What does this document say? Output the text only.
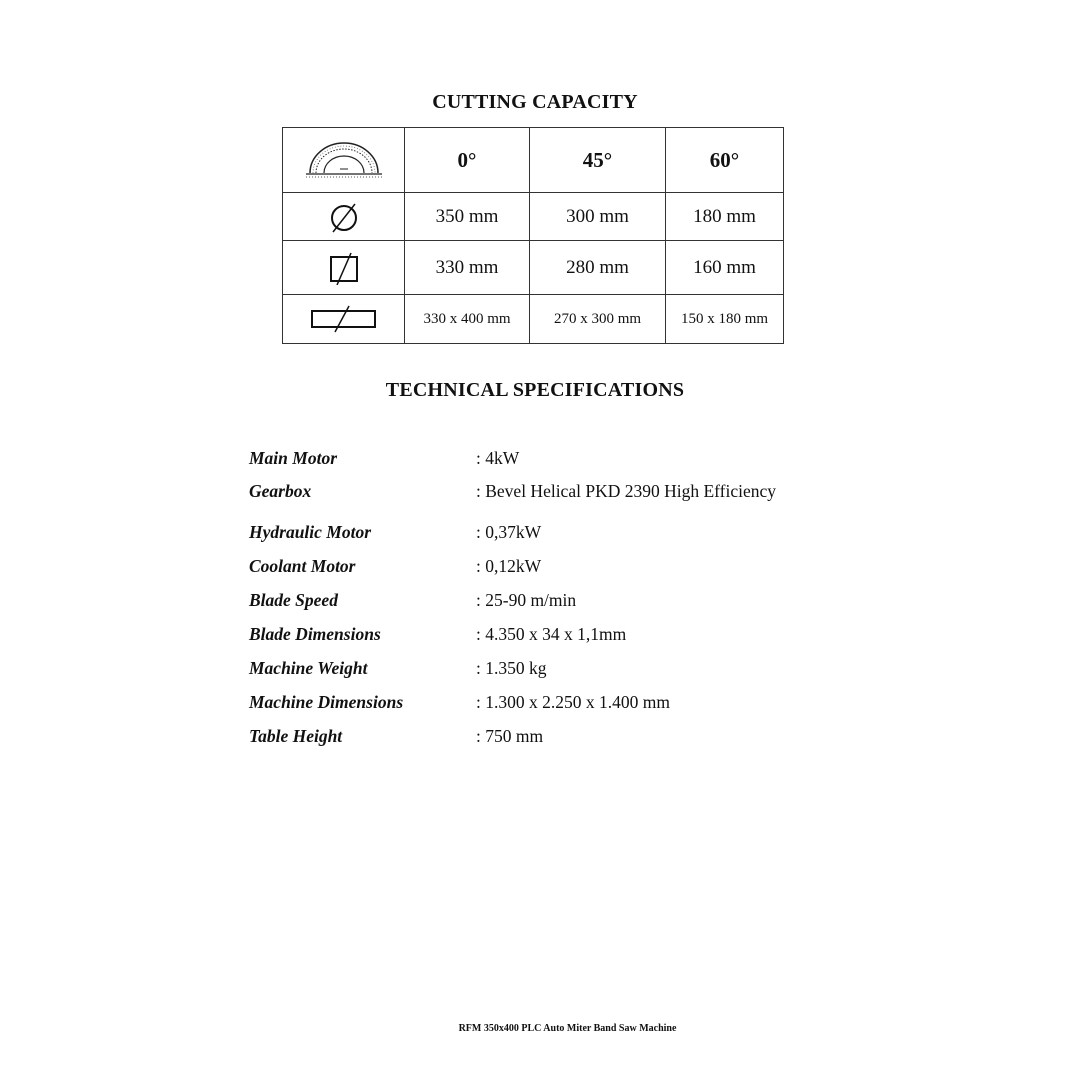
CUTTING CAPACITY
	0°	45°	60°

	350 mm	300 mm	180 mm

	330 mm	280 mm	160 mm

	330 x 400 mm	270 x 300 mm	150 x 180 mm
TECHNICAL SPECIFICATIONS
Main Motor	: 4kW
Gearbox	: Bevel Helical PKD 2390 High Efficiency
Hydraulic Motor	: 0,37kW
Coolant Motor	: 0,12kW
Blade Speed	: 25-90 m/min
Blade Dimensions	: 4.350 x 34 x 1,1mm
Machine Weight	: 1.350 kg
Machine Dimensions	: 1.300 x 2.250 x 1.400 mm
Table Height	: 750 mm
RFM 350x400 PLC Auto Miter Band Saw Machine
